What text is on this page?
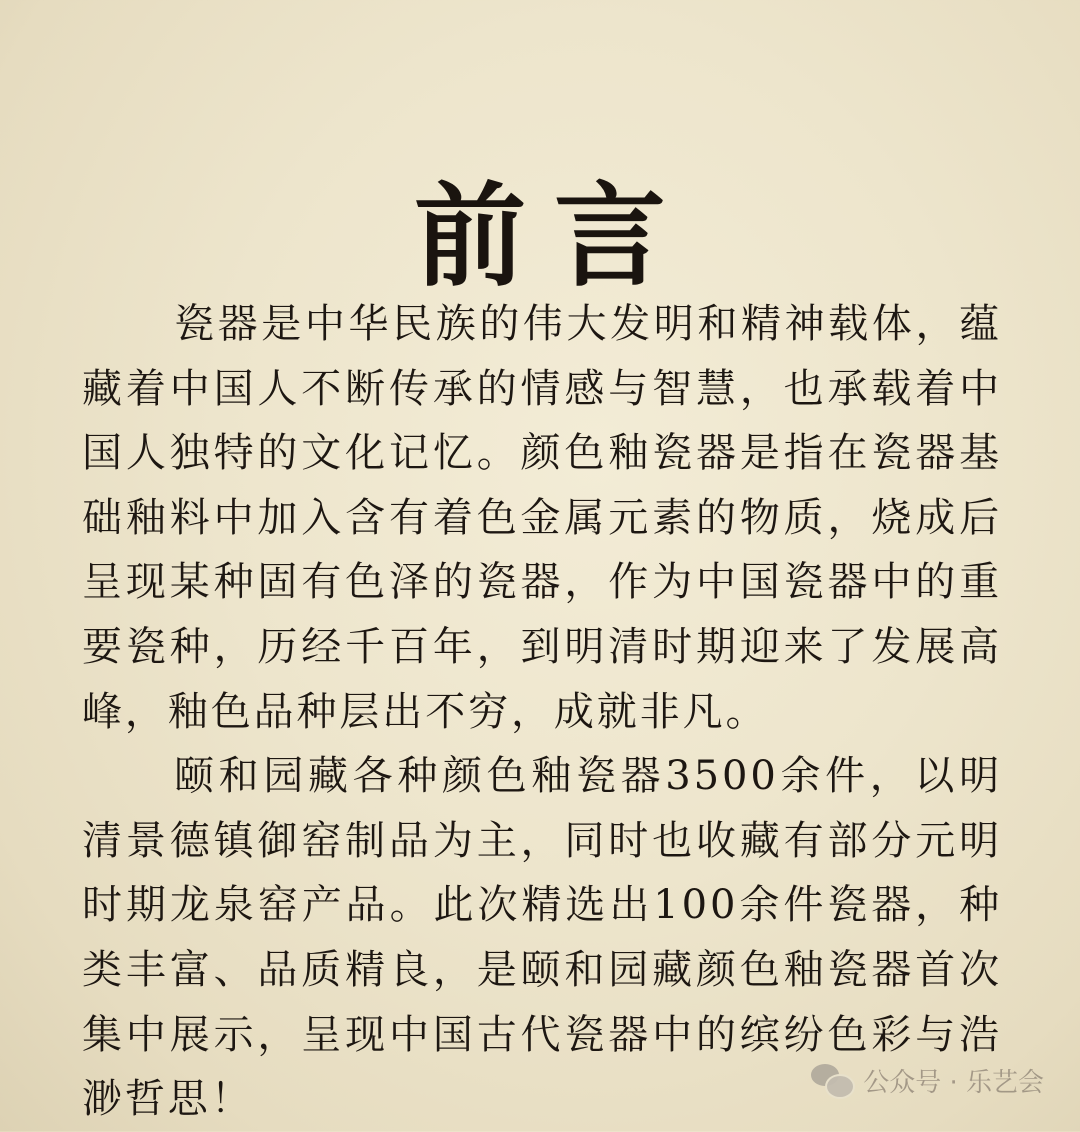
前言

瓷器是中华民族的伟大发明和精神载体，蕴藏着中国人不断传承的情感与智慧，也承载着中国人独特的文化记忆。颜色釉瓷器是指在瓷器基础釉料中加入含有着色金属元素的物质，烧成后呈现某种固有色泽的瓷器，作为中国瓷器中的重要瓷种，历经千百年，到明清时期迎来了发展高峰，釉色品种层出不穷，成就非凡。

颐和园藏各种颜色釉瓷器3500余件，以明清景德镇御窑制品为主，同时也收藏有部分元明时期龙泉窑产品。此次精选出100余件瓷器，种类丰富、品质精良，是颐和园藏颜色釉瓷器首次集中展示，呈现中国古代瓷器中的缤纷色彩与浩渺哲思！	公众号 · 乐艺会
